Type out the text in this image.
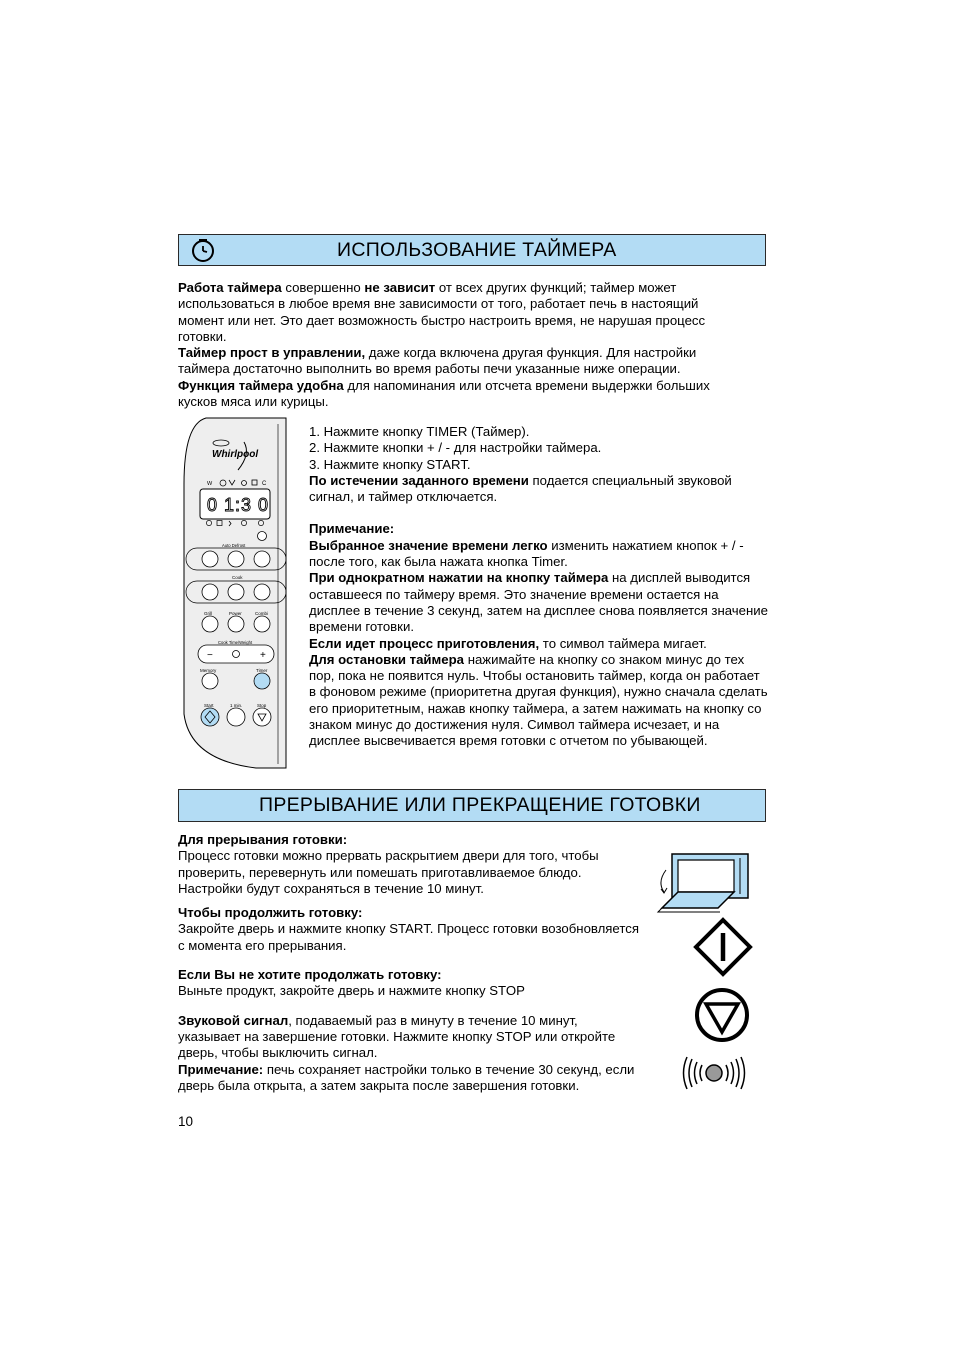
ИСПОЛЬЗОВАНИЕ ТАЙМЕРА

Работа таймера совершенно не зависит от всех других функций; таймер может использоваться в любое время вне зависимости от того, работает печь в настоящий момент или нет. Это дает возможность быстро настроить время, не нарушая процесс готовки.

Таймер прост в управлении, даже когда включена другая функция. Для настройки таймера достаточно выполнить во время работы печи указанные ниже операции.

Функция таймера удобна для напоминания или отсчета времени выдержки больших кусков мяса или курицы.

Whirlpool
W	C
0 1:3 0
Auto Defrost
Cook
Grill	Power	Combi
Cook Time/Weight
−	+
Memory	Timer
Start	1 min.	Stop

1. Нажмите кнопку TIMER (Таймер).

2. Нажмите кнопки + / - для настройки таймера.

3. Нажмите кнопку START.

По истечении заданного времени подается специальный звуковой сигнал, и таймер отключается.

Примечание:

Выбранное значение времени легко изменить нажатием кнопок + / - после того, как была нажата кнопка Timer.

При однократном нажатии на кнопку таймера на дисплей выводится оставшееся по таймеру время. Это значение времени остается на дисплее в течение 3 секунд, затем на дисплее снова появляется значение времени готовки.

Если идет процесс приготовления, то символ таймера мигает.

Для остановки таймера нажимайте на кнопку со знаком минус до тех пор, пока не появится нуль. Чтобы остановить таймер, когда он работает в фоновом режиме (приоритетна другая функция), нужно сначала сделать его приоритетным, нажав кнопку таймера, а затем нажимать на кнопку со знаком минус до достижения нуля. Символ таймера исчезает, и на дисплее высвечивается время готовки с отчетом по убывающей.

ПРЕРЫВАНИЕ ИЛИ ПРЕКРАЩЕНИЕ ГОТОВКИ

Для прерывания готовки:

Процесс готовки можно прервать раскрытием двери для того, чтобы проверить, перевернуть или помешать приготавливаемое блюдо. Настройки будут сохраняться в течение 10 минут.

Чтобы продолжить готовку:

Закройте дверь и нажмите кнопку START. Процесс готовки возобновляется с момента его прерывания.

Если Вы не хотите продолжать готовку:

Выньте продукт, закройте дверь и нажмите кнопку STOP

Звуковой сигнал, подаваемый раз в минуту в течение 10 минут, указывает на завершение готовки. Нажмите кнопку STOP или откройте дверь, чтобы выключить сигнал.

Примечание: печь сохраняет настройки только в течение 30 секунд, если дверь была открыта, а затем закрыта после завершения готовки.

10
